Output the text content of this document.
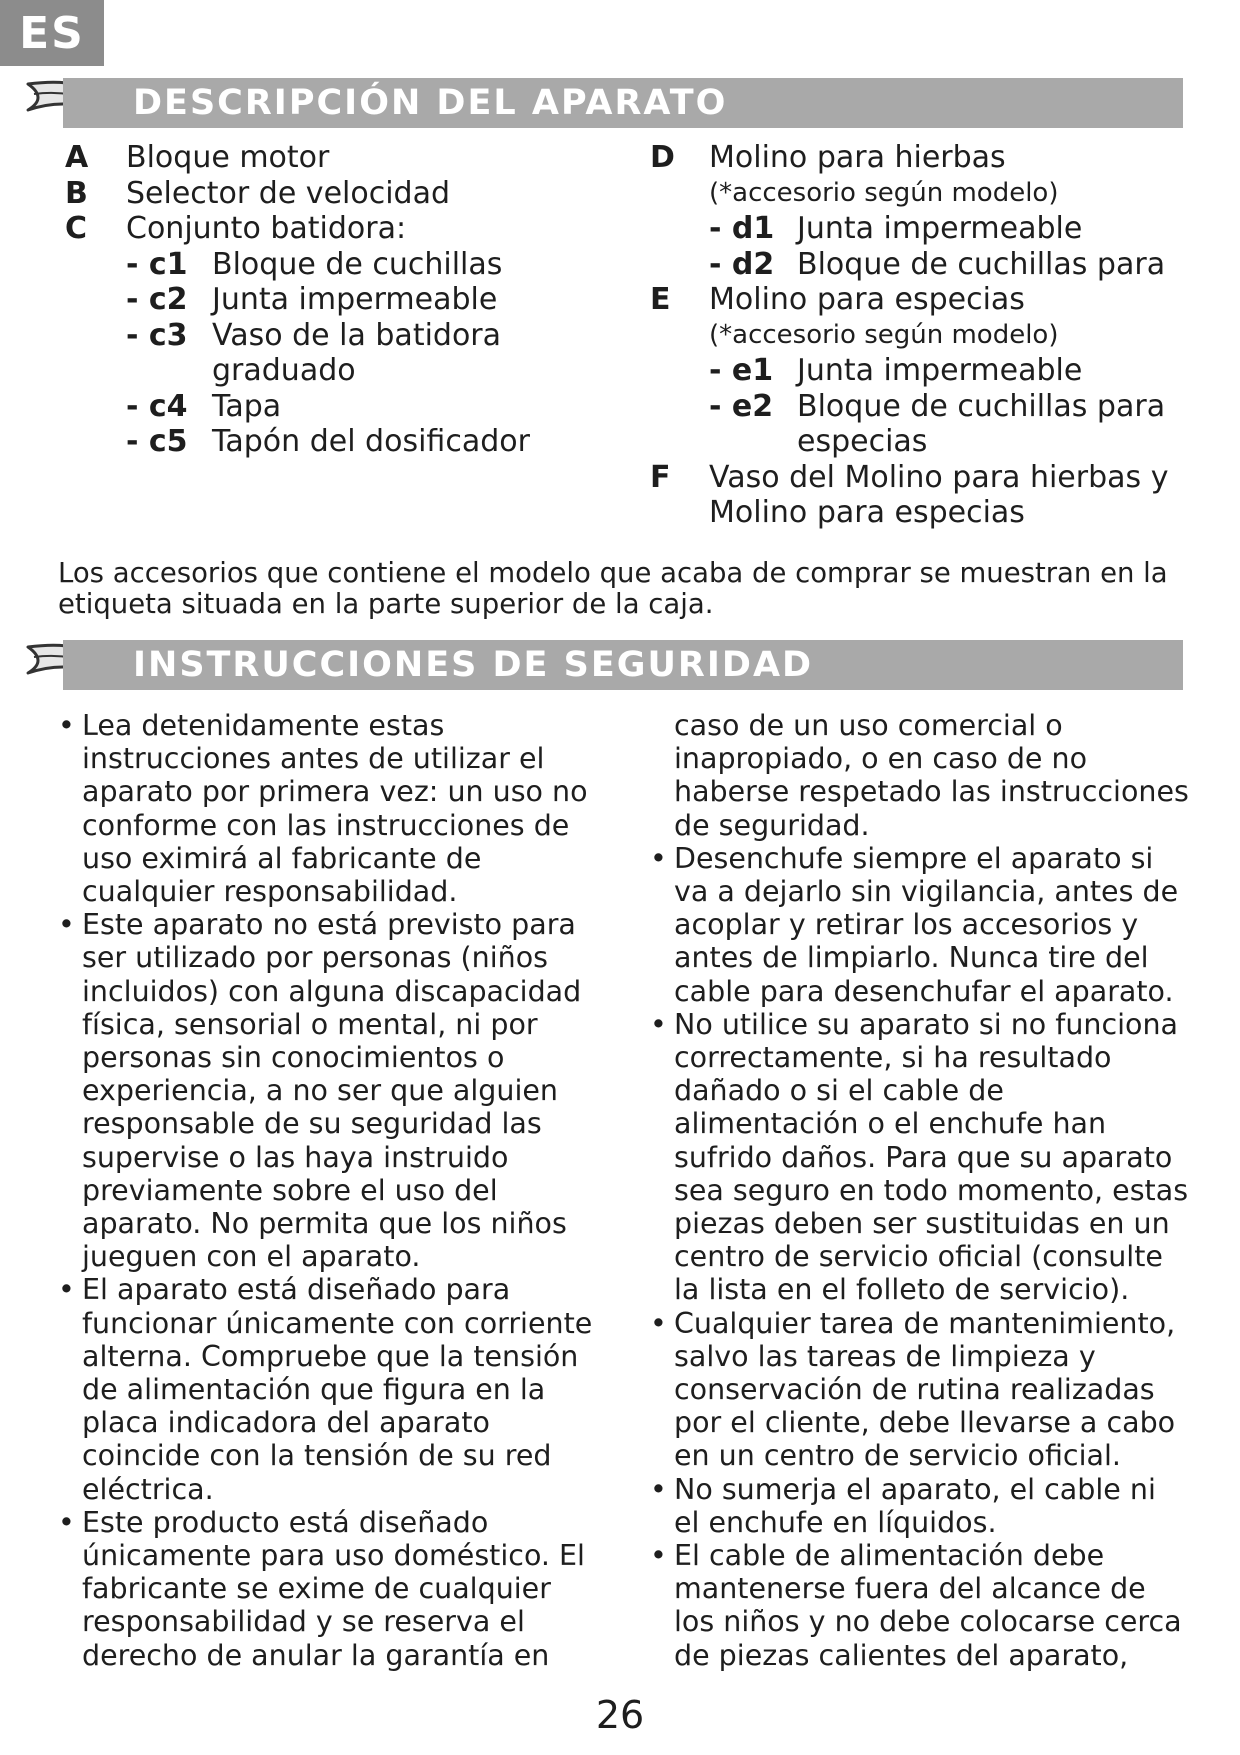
ES
DESCRIPCIÓN DEL APARATO
A	Bloque motor
B	Selector de velocidad
C	Conjunto batidora:
- c1 Bloque de cuchillas
- c2 Junta impermeable
- c3 Vaso de la batidora graduado
- c4 Tapa
- c5 Tapón del dosificador
D	Molino para hierbas
(*accesorio según modelo)
- d1 Junta impermeable
- d2 Bloque de cuchillas para
E	Molino para especias
(*accesorio según modelo)
- e1 Junta impermeable
- e2 Bloque de cuchillas para especias
F	Vaso del Molino para hierbas y Molino para especias
Los accesorios que contiene el modelo que acaba de comprar se muestran en la etiqueta situada en la parte superior de la caja.
INSTRUCCIONES DE SEGURIDAD
• Lea detenidamente estas instrucciones antes de utilizar el aparato por primera vez: un uso no conforme con las instrucciones de uso eximirá al fabricante de cualquier responsabilidad.
• Este aparato no está previsto para ser utilizado por personas (niños incluidos) con alguna discapacidad física, sensorial o mental, ni por personas sin conocimientos o experiencia, a no ser que alguien responsable de su seguridad las supervise o las haya instruido previamente sobre el uso del aparato. No permita que los niños jueguen con el aparato.
• El aparato está diseñado para funcionar únicamente con corriente alterna. Compruebe que la tensión de alimentación que figura en la placa indicadora del aparato coincide con la tensión de su red eléctrica.
• Este producto está diseñado únicamente para uso doméstico. El fabricante se exime de cualquier responsabilidad y se reserva el derecho de anular la garantía en
caso de un uso comercial o inapropiado, o en caso de no haberse respetado las instrucciones de seguridad.
• Desenchufe siempre el aparato si va a dejarlo sin vigilancia, antes de acoplar y retirar los accesorios y antes de limpiarlo. Nunca tire del cable para desenchufar el aparato.
• No utilice su aparato si no funciona correctamente, si ha resultado dañado o si el cable de alimentación o el enchufe han sufrido daños. Para que su aparato sea seguro en todo momento, estas piezas deben ser sustituidas en un centro de servicio oficial (consulte la lista en el folleto de servicio).
• Cualquier tarea de mantenimiento, salvo las tareas de limpieza y conservación de rutina realizadas por el cliente, debe llevarse a cabo en un centro de servicio oficial.
• No sumerja el aparato, el cable ni el enchufe en líquidos.
• El cable de alimentación debe mantenerse fuera del alcance de los niños y no debe colocarse cerca de piezas calientes del aparato,
26
